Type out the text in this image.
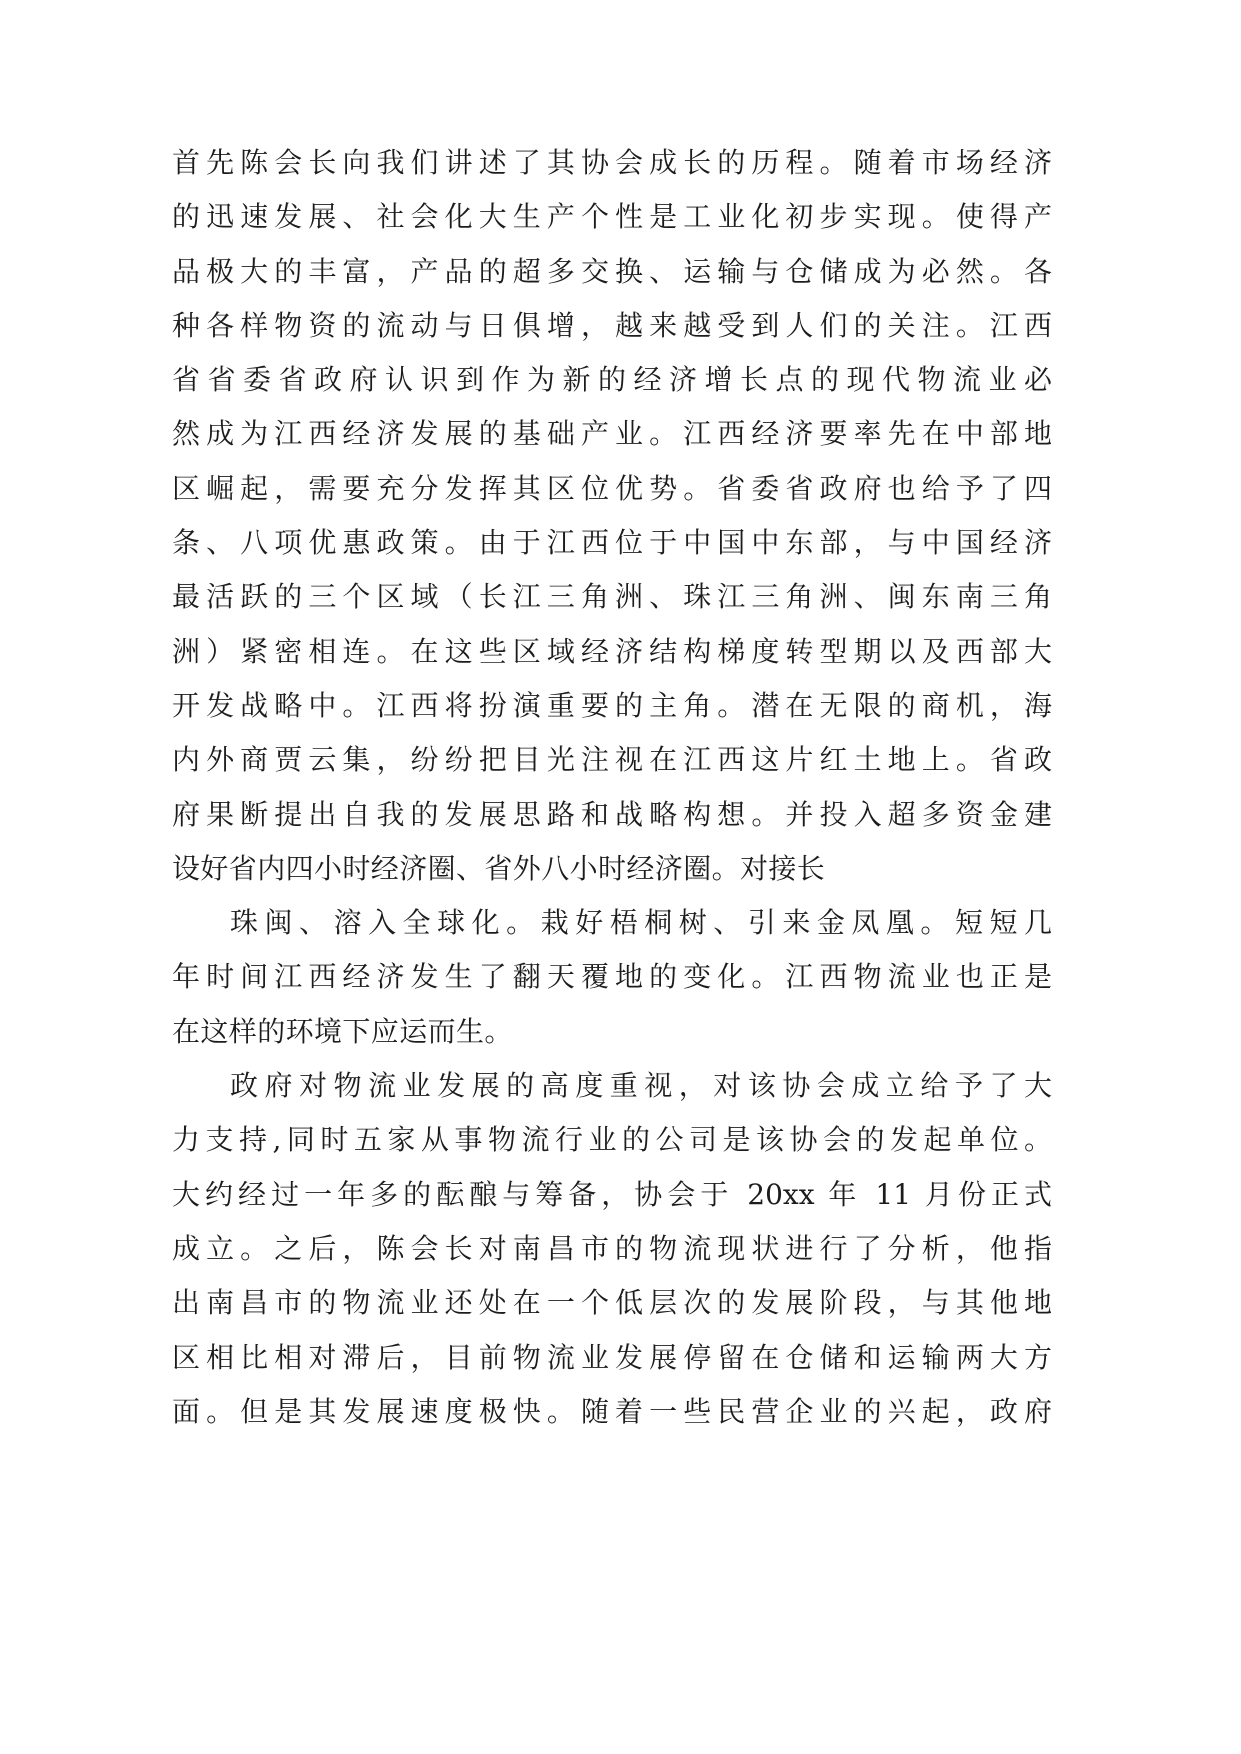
首先陈会长向我们讲述了其协会成长的历程。随着市场经济
的迅速发展、社会化大生产个性是工业化初步实现。使得产
品极大的丰富，产品的超多交换、运输与仓储成为必然。各
种各样物资的流动与日俱增，越来越受到人们的关注。江西
省省委省政府认识到作为新的经济增长点的现代物流业必
然成为江西经济发展的基础产业。江西经济要率先在中部地
区崛起，需要充分发挥其区位优势。省委省政府也给予了四
条、八项优惠政策。由于江西位于中国中东部，与中国经济
最活跃的三个区域（长江三角洲、珠江三角洲、闽东南三角
洲）紧密相连。在这些区域经济结构梯度转型期以及西部大
开发战略中。江西将扮演重要的主角。潜在无限的商机，海
内外商贾云集，纷纷把目光注视在江西这片红土地上。省政
府果断提出自我的发展思路和战略构想。并投入超多资金建
设好省内四小时经济圈、省外八小时经济圈。对接长
珠闽、溶入全球化。栽好梧桐树、引来金凤凰。短短几
年时间江西经济发生了翻天覆地的变化。江西物流业也正是
在这样的环境下应运而生。
政府对物流业发展的高度重视，对该协会成立给予了大
力支持,同时五家从事物流行业的公司是该协会的发起单位。
大约经过一年多的酝酿与筹备，协会于 20xx 年 11 月份正式
成立。之后，陈会长对南昌市的物流现状进行了分析，他指
出南昌市的物流业还处在一个低层次的发展阶段，与其他地
区相比相对滞后，目前物流业发展停留在仓储和运输两大方
面。但是其发展速度极快。随着一些民营企业的兴起，政府
